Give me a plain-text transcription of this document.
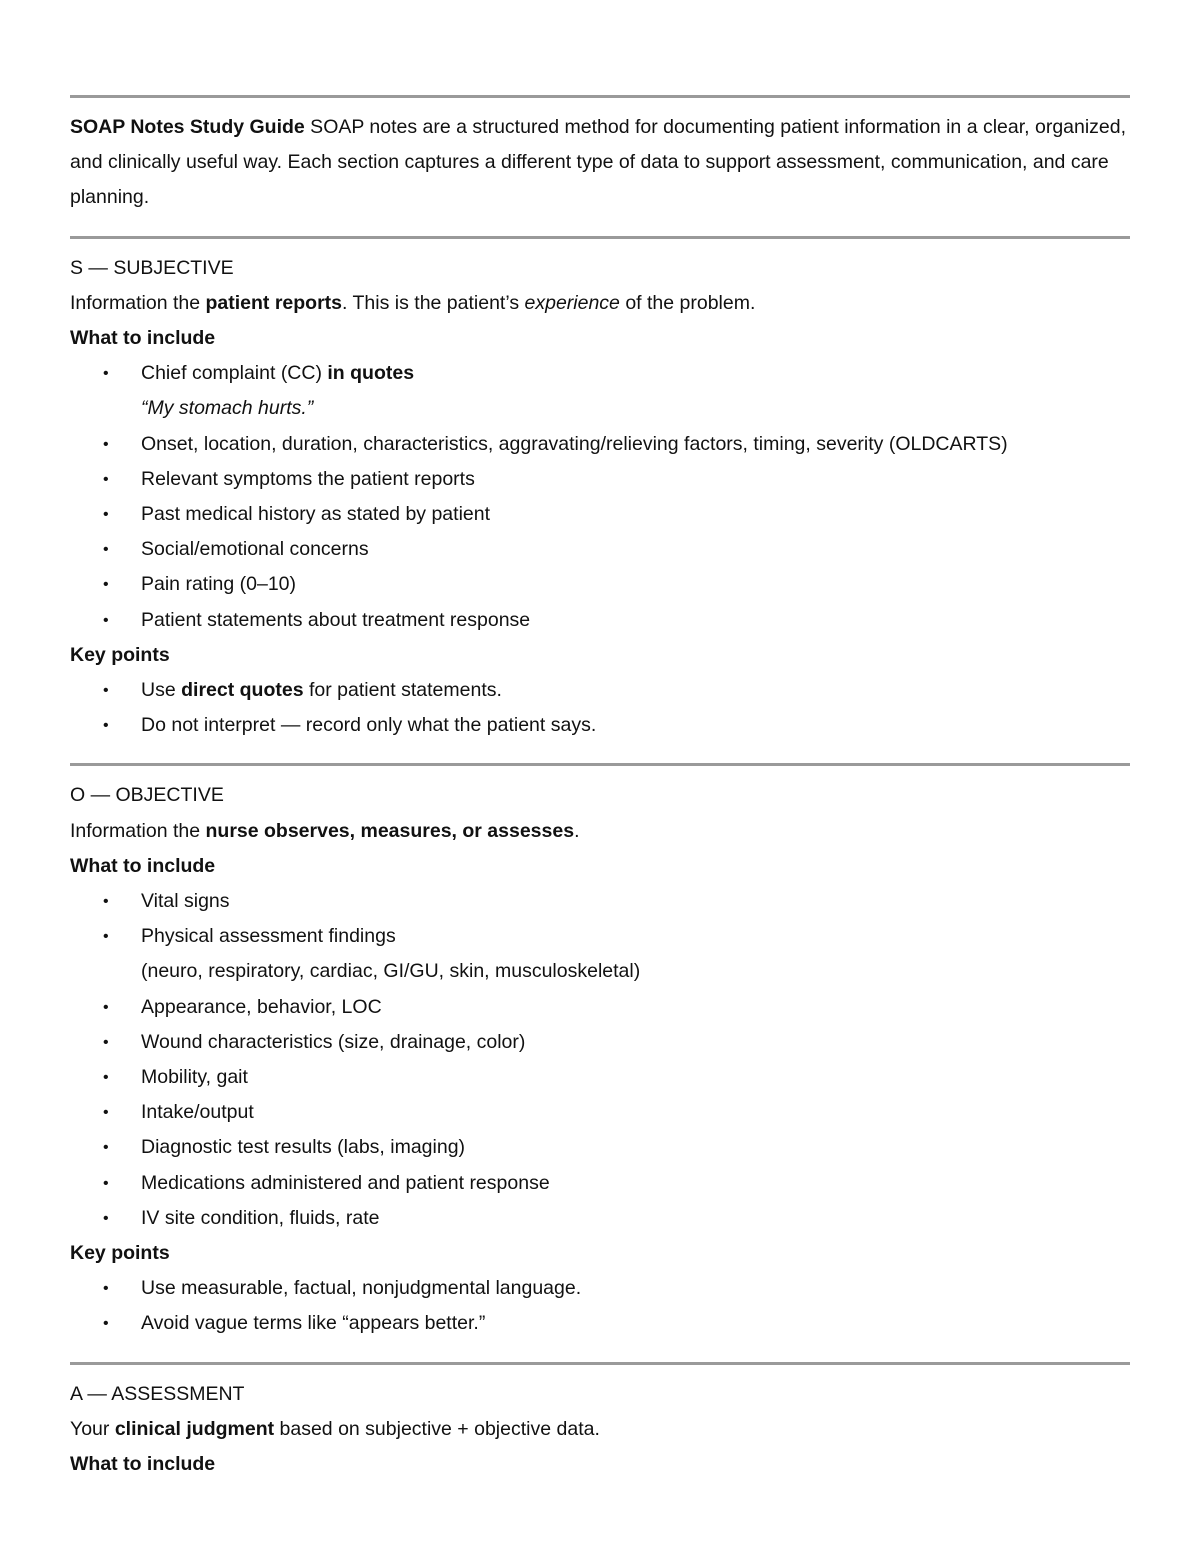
SOAP Notes Study Guide SOAP notes are a structured method for documenting patient information in a clear, organized, and clinically useful way. Each section captures a different type of data to support assessment, communication, and care planning.
S — SUBJECTIVE
Information the patient reports. This is the patient’s experience of the problem.
What to include
• Chief complaint (CC) in quotes
“My stomach hurts.”
• Onset, location, duration, characteristics, aggravating/relieving factors, timing, severity (OLDCARTS)
• Relevant symptoms the patient reports
• Past medical history as stated by patient
• Social/emotional concerns
• Pain rating (0–10)
• Patient statements about treatment response
Key points
• Use direct quotes for patient statements.
• Do not interpret — record only what the patient says.
O — OBJECTIVE
Information the nurse observes, measures, or assesses.
What to include
• Vital signs
• Physical assessment findings
(neuro, respiratory, cardiac, GI/GU, skin, musculoskeletal)
• Appearance, behavior, LOC
• Wound characteristics (size, drainage, color)
• Mobility, gait
• Intake/output
• Diagnostic test results (labs, imaging)
• Medications administered and patient response
• IV site condition, fluids, rate
Key points
• Use measurable, factual, nonjudgmental language.
• Avoid vague terms like “appears better.”
A — ASSESSMENT
Your clinical judgment based on subjective + objective data.
What to include
